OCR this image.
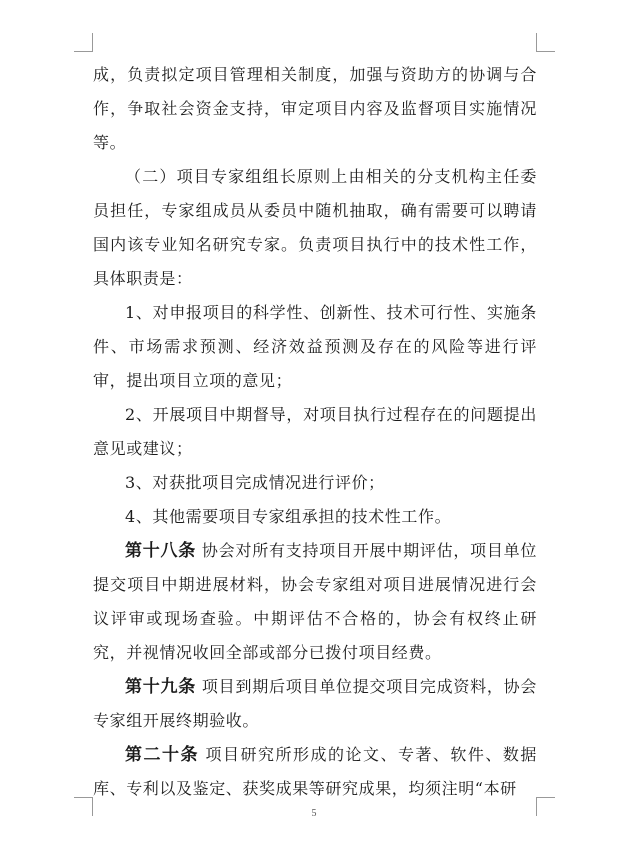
成，负责拟定项目管理相关制度，加强与资助方的协调与合作，争取社会资金支持，审定项目内容及监督项目实施情况等。

（二）项目专家组组长原则上由相关的分支机构主任委员担任，专家组成员从委员中随机抽取，确有需要可以聘请国内该专业知名研究专家。负责项目执行中的技术性工作，具体职责是：

1、对申报项目的科学性、创新性、技术可行性、实施条件、市场需求预测、经济效益预测及存在的风险等进行评审，提出项目立项的意见；

2、开展项目中期督导，对项目执行过程存在的问题提出意见或建议；

3、对获批项目完成情况进行评价；

4、其他需要项目专家组承担的技术性工作。

第十八条 协会对所有支持项目开展中期评估，项目单位提交项目中期进展材料，协会专家组对项目进展情况进行会议评审或现场查验。中期评估不合格的，协会有权终止研究，并视情况收回全部或部分已拨付项目经费。

第十九条 项目到期后项目单位提交项目完成资料，协会专家组开展终期验收。

第二十条 项目研究所形成的论文、专著、软件、数据库、专利以及鉴定、获奖成果等研究成果，均须注明“本研

5
